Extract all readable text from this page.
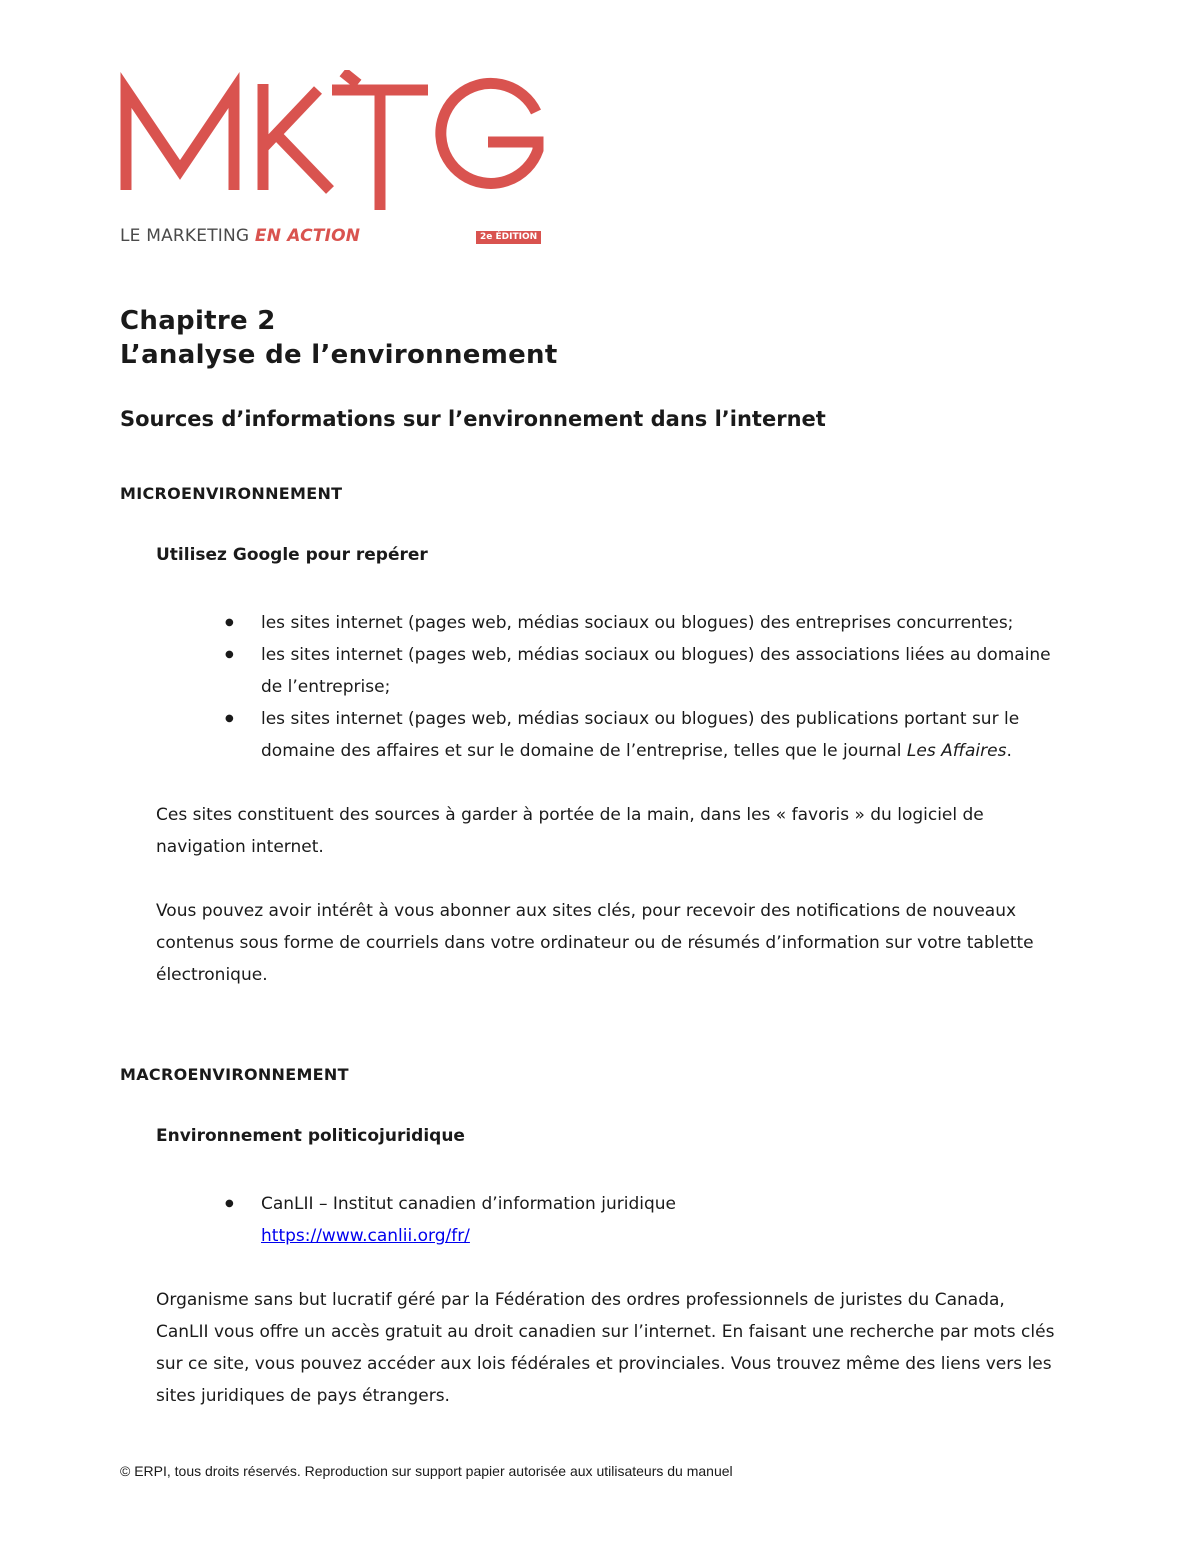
LE MARKETING EN ACTION	2e ÉDITION
Chapitre 2
L’analyse de l’environnement
Sources d’informations sur l’environnement dans l’internet
MICROENVIRONNEMENT
Utilisez Google pour repérer
● les sites internet (pages web, médias sociaux ou blogues) des entreprises concurrentes;
● les sites internet (pages web, médias sociaux ou blogues) des associations liées au domaine de l’entreprise;
● les sites internet (pages web, médias sociaux ou blogues) des publications portant sur le domaine des affaires et sur le domaine de l’entreprise, telles que le journal Les Affaires.

Ces sites constituent des sources à garder à portée de la main, dans les « favoris » du logiciel de navigation internet.

Vous pouvez avoir intérêt à vous abonner aux sites clés, pour recevoir des notifications de nouveaux contenus sous forme de courriels dans votre ordinateur ou de résumés d’information sur votre tablette électronique.

MACROENVIRONNEMENT
Environnement politicojuridique
● CanLII – Institut canadien d’information juridique
https://www.canlii.org/fr/

Organisme sans but lucratif géré par la Fédération des ordres professionnels de juristes du Canada, CanLII vous offre un accès gratuit au droit canadien sur l’internet. En faisant une recherche par mots clés sur ce site, vous pouvez accéder aux lois fédérales et provinciales. Vous trouvez même des liens vers les sites juridiques de pays étrangers.

© ERPI, tous droits réservés. Reproduction sur support papier autorisée aux utilisateurs du manuel
